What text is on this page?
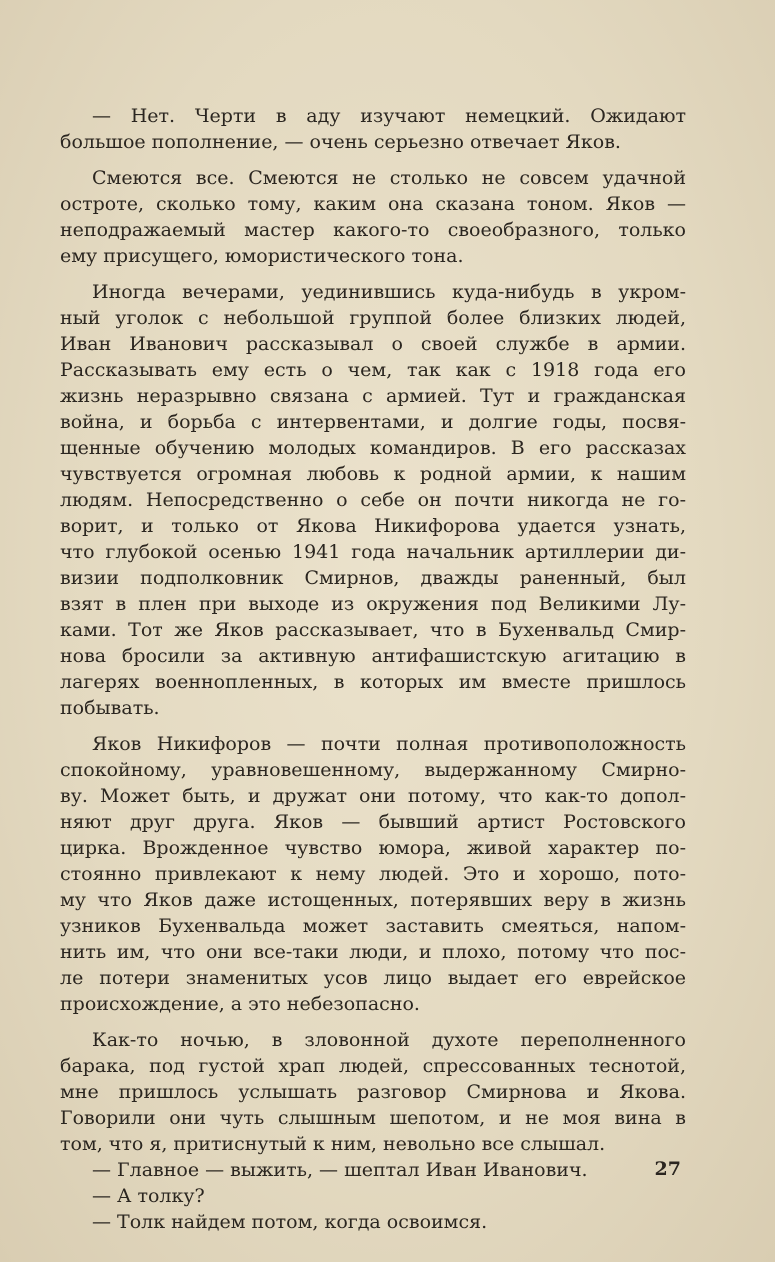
— Нет. Черти в аду изучают немецкий. Ожидают
большое пополнение, — очень серьезно отвечает Яков.
Смеются все. Смеются не столько не совсем удачной
остроте, сколько тому, каким она сказана тоном. Яков —
неподражаемый мастер какого-то своеобразного, только
ему присущего, юмористического тона.
Иногда вечерами, уединившись куда-нибудь в укром-
ный уголок с небольшой группой более близких людей,
Иван Иванович рассказывал о своей службе в армии.
Рассказывать ему есть о чем, так как с 1918 года его
жизнь неразрывно связана с армией. Тут и гражданская
война, и борьба с интервентами, и долгие годы, посвя-
щенные обучению молодых командиров. В его рассказах
чувствуется огромная любовь к родной армии, к нашим
людям. Непосредственно о себе он почти никогда не го-
ворит, и только от Якова Никифорова удается узнать,
что глубокой осенью 1941 года начальник артиллерии ди-
визии подполковник Смирнов, дважды раненный, был
взят в плен при выходе из окружения под Великими Лу-
ками. Тот же Яков рассказывает, что в Бухенвальд Смир-
нова бросили за активную антифашистскую агитацию в
лагерях военнопленных, в которых им вместе пришлось
побывать.
Яков Никифоров — почти полная противоположность
спокойному, уравновешенному, выдержанному Смирно-
ву. Может быть, и дружат они потому, что как-то допол-
няют друг друга. Яков — бывший артист Ростовского
цирка. Врожденное чувство юмора, живой характер по-
стоянно привлекают к нему людей. Это и хорошо, пото-
му что Яков даже истощенных, потерявших веру в жизнь
узников Бухенвальда может заставить смеяться, напом-
нить им, что они все-таки люди, и плохо, потому что пос-
ле потери знаменитых усов лицо выдает его еврейское
происхождение, а это небезопасно.
Как-то ночью, в зловонной духоте переполненного
барака, под густой храп людей, спрессованных теснотой,
мне пришлось услышать разговор Смирнова и Якова.
Говорили они чуть слышным шепотом, и не моя вина в
том, что я, притиснутый к ним, невольно все слышал.
— Главное — выжить, — шептал Иван Иванович.
— А толку?
— Толк найдем потом, когда освоимся.
27
